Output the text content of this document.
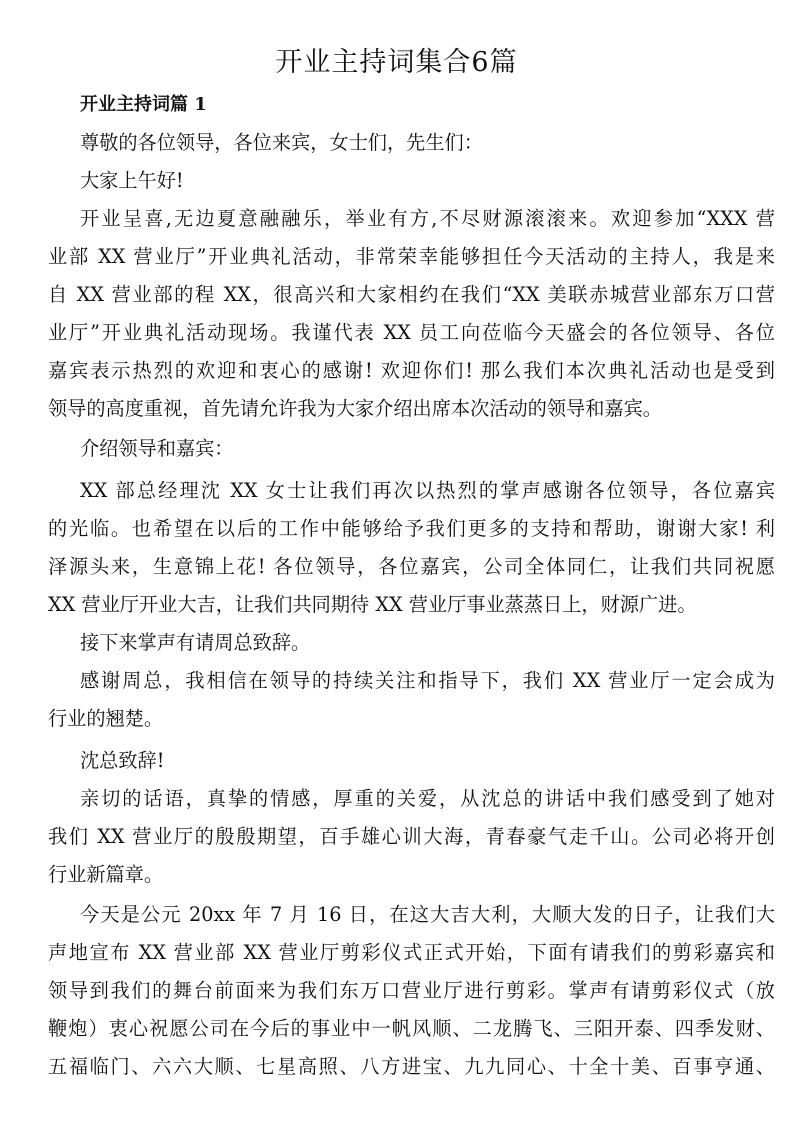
开业主持词集合6篇
开业主持词篇 1
尊敬的各位领导，各位来宾，女士们，先生们：
大家上午好!
开业呈喜,无边夏意融融乐，举业有方,不尽财源滚滚来。欢迎参加“XXX 营
业部 XX 营业厅”开业典礼活动，非常荣幸能够担任今天活动的主持人，我是来
自 XX 营业部的程 XX，很高兴和大家相约在我们“XX 美联赤城营业部东万口营
业厅”开业典礼活动现场。我谨代表 XX 员工向莅临今天盛会的各位领导、各位
嘉宾表示热烈的欢迎和衷心的感谢! 欢迎你们! 那么我们本次典礼活动也是受到
领导的高度重视，首先请允许我为大家介绍出席本次活动的领导和嘉宾。
介绍领导和嘉宾：
XX 部总经理沈 XX 女士让我们再次以热烈的掌声感谢各位领导，各位嘉宾
的光临。也希望在以后的工作中能够给予我们更多的支持和帮助，谢谢大家! 利
泽源头来，生意锦上花! 各位领导，各位嘉宾，公司全体同仁，让我们共同祝愿
XX 营业厅开业大吉，让我们共同期待 XX 营业厅事业蒸蒸日上，财源广进。
接下来掌声有请周总致辞。
感谢周总，我相信在领导的持续关注和指导下，我们 XX 营业厅一定会成为
行业的翘楚。
沈总致辞!
亲切的话语，真挚的情感，厚重的关爱，从沈总的讲话中我们感受到了她对
我们 XX 营业厅的殷殷期望，百手雄心训大海，青春豪气走千山。公司必将开创
行业新篇章。
今天是公元 20xx 年 7 月 16 日，在这大吉大利，大顺大发的日子，让我们大
声地宣布 XX 营业部 XX 营业厅剪彩仪式正式开始，下面有请我们的剪彩嘉宾和
领导到我们的舞台前面来为我们东万口营业厅进行剪彩。掌声有请剪彩仪式（放
鞭炮）衷心祝愿公司在今后的事业中一帆风顺、二龙腾飞、三阳开泰、四季发财、
五福临门、六六大顺、七星高照、八方进宝、九九同心、十全十美、百事亨通、
